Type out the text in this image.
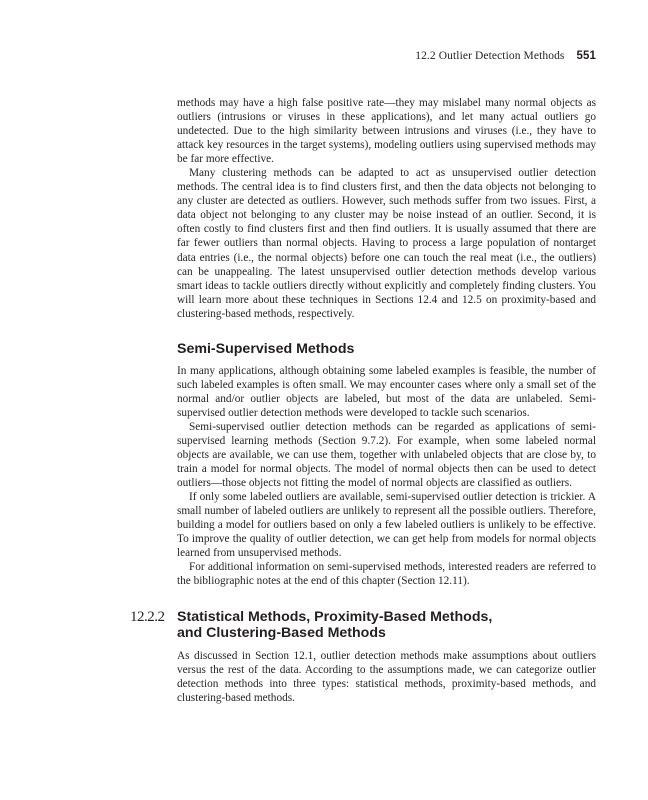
12.2 Outlier Detection Methods 551

methods may have a high false positive rate—they may mislabel many normal objects as outliers (intrusions or viruses in these applications), and let many actual outliers go undetected. Due to the high similarity between intrusions and viruses (i.e., they have to attack key resources in the target systems), modeling outliers using supervised methods may be far more effective.

Many clustering methods can be adapted to act as unsupervised outlier detection methods. The central idea is to find clusters first, and then the data objects not belonging to any cluster are detected as outliers. However, such methods suffer from two issues. First, a data object not belonging to any cluster may be noise instead of an outlier. Second, it is often costly to find clusters first and then find outliers. It is usually assumed that there are far fewer outliers than normal objects. Having to process a large population of nontarget data entries (i.e., the normal objects) before one can touch the real meat (i.e., the outliers) can be unappealing. The latest unsupervised outlier detection methods develop various smart ideas to tackle outliers directly without explicitly and completely finding clusters. You will learn more about these techniques in Sections 12.4 and 12.5 on proximity-based and clustering-based methods, respectively.

Semi-Supervised Methods

In many applications, although obtaining some labeled examples is feasible, the number of such labeled examples is often small. We may encounter cases where only a small set of the normal and/or outlier objects are labeled, but most of the data are unlabeled. Semi-supervised outlier detection methods were developed to tackle such scenarios.

Semi-supervised outlier detection methods can be regarded as applications of semi-supervised learning methods (Section 9.7.2). For example, when some labeled normal objects are available, we can use them, together with unlabeled objects that are close by, to train a model for normal objects. The model of normal objects then can be used to detect outliers—those objects not fitting the model of normal objects are classified as outliers.

If only some labeled outliers are available, semi-supervised outlier detection is trickier. A small number of labeled outliers are unlikely to represent all the possible outliers. Therefore, building a model for outliers based on only a few labeled outliers is unlikely to be effective. To improve the quality of outlier detection, we can get help from models for normal objects learned from unsupervised methods.

For additional information on semi-supervised methods, interested readers are referred to the bibliographic notes at the end of this chapter (Section 12.11).

12.2.2 Statistical Methods, Proximity-Based Methods,
and Clustering-Based Methods

As discussed in Section 12.1, outlier detection methods make assumptions about outliers versus the rest of the data. According to the assumptions made, we can categorize outlier detection methods into three types: statistical methods, proximity-based methods, and clustering-based methods.
